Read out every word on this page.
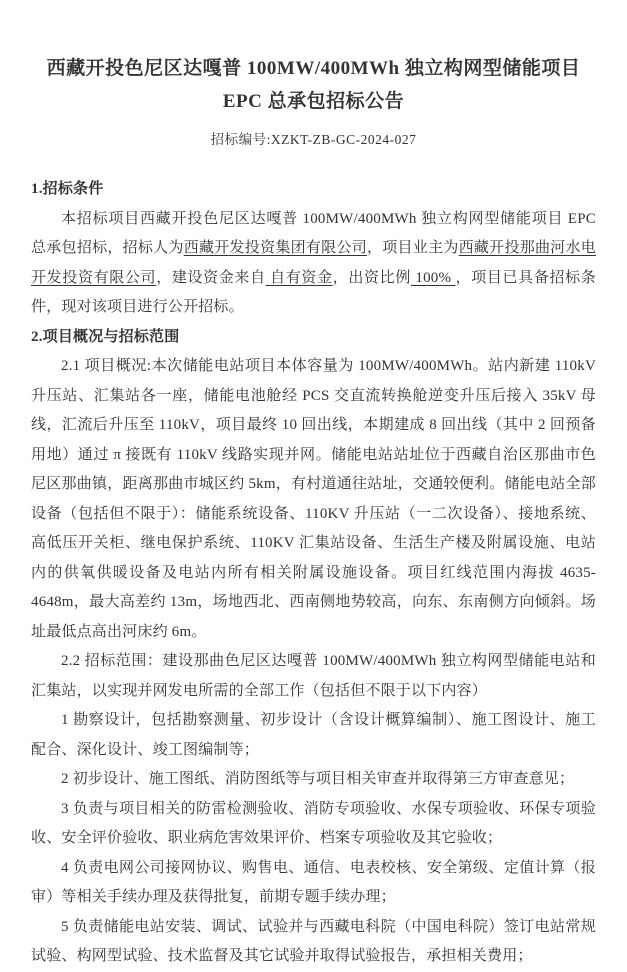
西藏开投色尼区达嘎普 100MW/400MWh 独立构网型储能项目 EPC 总承包招标公告
招标编号:XZKT-ZB-GC-2024-027
1.招标条件
本招标项目西藏开投色尼区达嘎普 100MW/400MWh 独立构网型储能项目 EPC 总承包招标，招标人为西藏开发投资集团有限公司，项目业主为西藏开投那曲河水电开发投资有限公司，建设资金来自 自有资金，出资比例 100% ，项目已具备招标条件，现对该项目进行公开招标。
2.项目概况与招标范围
2.1 项目概况:本次储能电站项目本体容量为 100MW/400MWh。站内新建 110kV 升压站、汇集站各一座，储能电池舱经 PCS 交直流转换舱逆变升压后接入 35kV 母线，汇流后升压至 110kV，项目最终 10 回出线，本期建成 8 回出线（其中 2 回预备用地）通过 π 接既有 110kV 线路实现并网。储能电站站址位于西藏自治区那曲市色尼区那曲镇，距离那曲市城区约 5km，有村道通往站址，交通较便利。储能电站全部设备（包括但不限于）：储能系统设备、110KV 升压站（一二次设备）、接地系统、高低压开关柜、继电保护系统、110KV 汇集站设备、生活生产楼及附属设施、电站内的供氧供暖设备及电站内所有相关附属设施设备。项目红线范围内海拔 4635-4648m，最大高差约 13m，场地西北、西南侧地势较高，向东、东南侧方向倾斜。场址最低点高出河床约 6m。
2.2 招标范围：建设那曲色尼区达嘎普 100MW/400MWh 独立构网型储能电站和汇集站，以实现并网发电所需的全部工作（包括但不限于以下内容）
1 勘察设计，包括勘察测量、初步设计（含设计概算编制）、施工图设计、施工配合、深化设计、竣工图编制等；
2 初步设计、施工图纸、消防图纸等与项目相关审查并取得第三方审查意见；
3 负责与项目相关的防雷检测验收、消防专项验收、水保专项验收、环保专项验收、安全评价验收、职业病危害效果评价、档案专项验收及其它验收；
4 负责电网公司接网协议、购售电、通信、电表校核、安全第级、定值计算（报审）等相关手续办理及获得批复，前期专题手续办理；
5 负责储能电站安装、调试、试验并与西藏电科院（中国电科院）签订电站常规试验、构网型试验、技术监督及其它试验并取得试验报告，承担相关费用；
